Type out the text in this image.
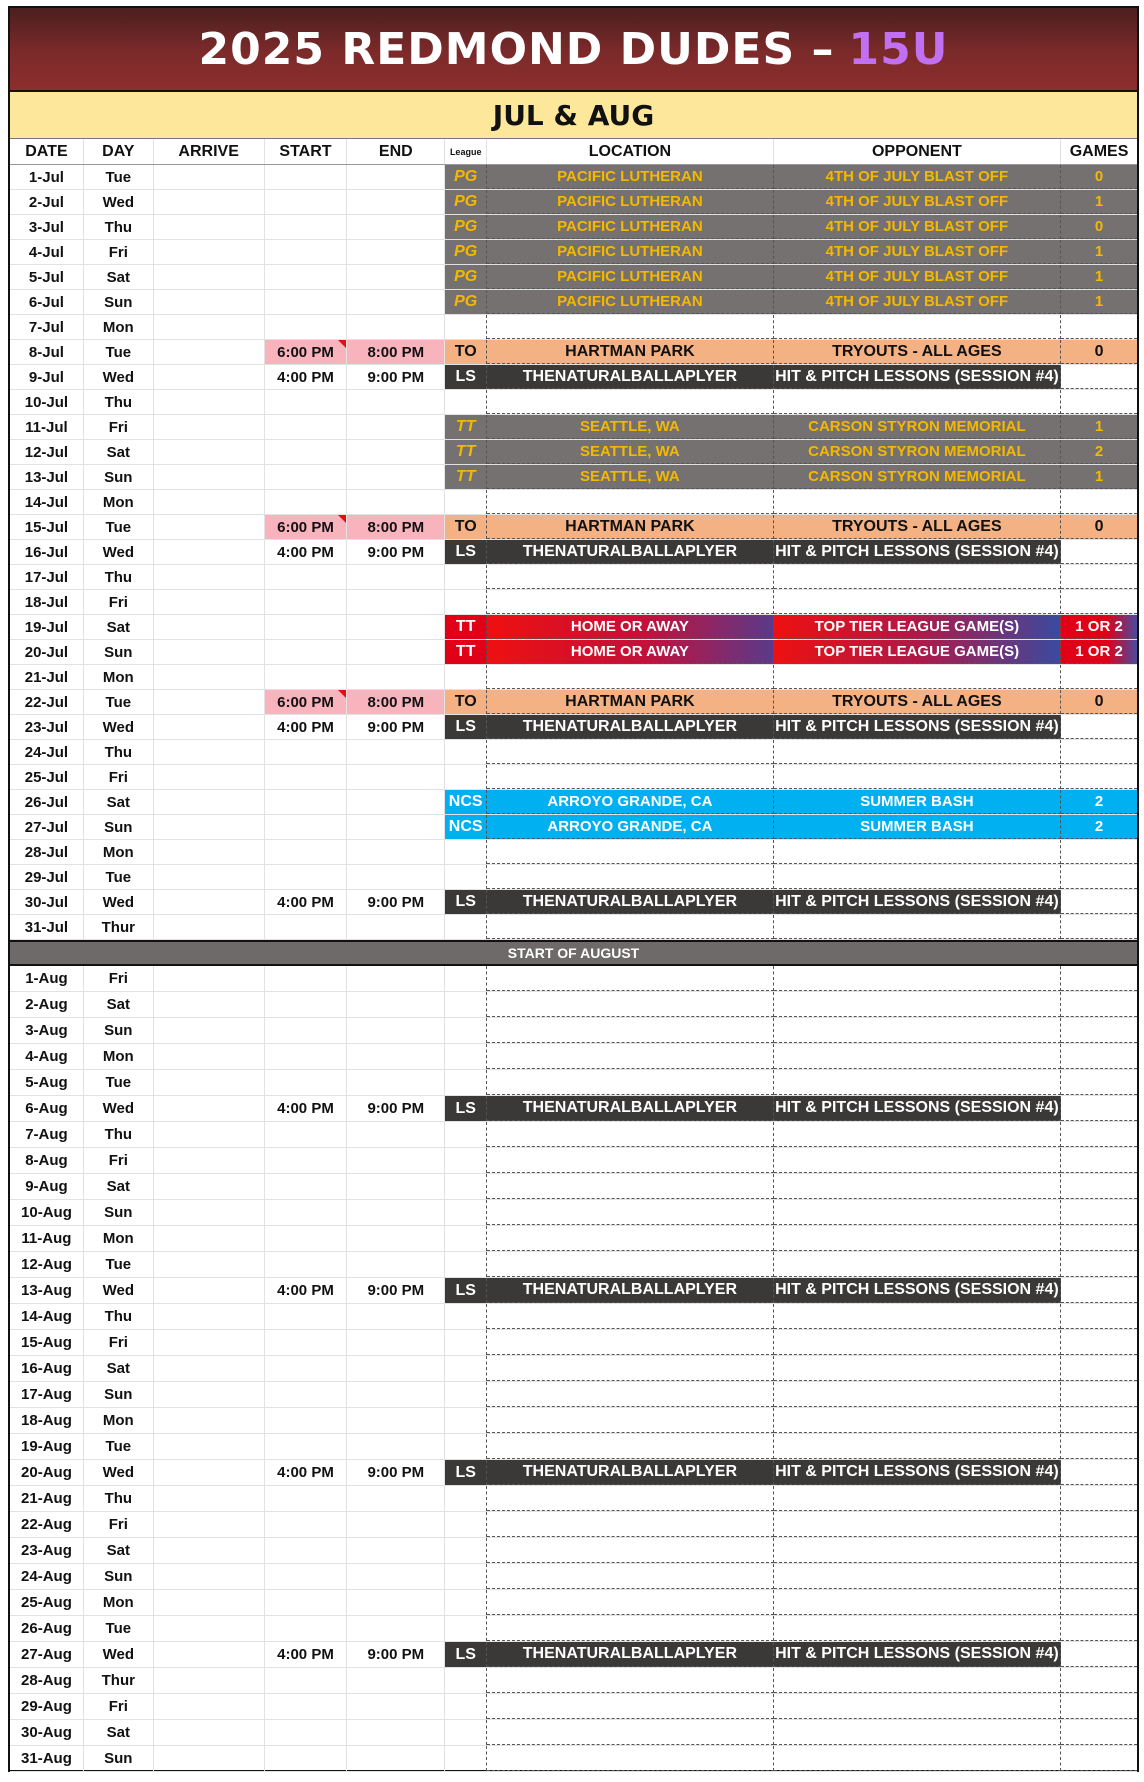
2025 REDMOND DUDES – 15U
JUL & AUG
DATE	DAY	ARRIVE	START	END	League	LOCATION	OPPONENT	GAMES
1-Jul	Tue	PG	PACIFIC LUTHERAN	4TH OF JULY BLAST OFF	0
2-Jul	Wed	PG	PACIFIC LUTHERAN	4TH OF JULY BLAST OFF	1
3-Jul	Thu	PG	PACIFIC LUTHERAN	4TH OF JULY BLAST OFF	0
4-Jul	Fri	PG	PACIFIC LUTHERAN	4TH OF JULY BLAST OFF	1
5-Jul	Sat	PG	PACIFIC LUTHERAN	4TH OF JULY BLAST OFF	1
6-Jul	Sun	PG	PACIFIC LUTHERAN	4TH OF JULY BLAST OFF	1
7-Jul	Mon
8-Jul	Tue	6:00 PM	8:00 PM	TO	HARTMAN PARK	TRYOUTS - ALL AGES	0
9-Jul	Wed	4:00 PM	9:00 PM	LS	THENATURALBALLAPLYER	HIT & PITCH LESSONS (SESSION #4)
10-Jul	Thu
11-Jul	Fri	TT	SEATTLE, WA	CARSON STYRON MEMORIAL	1
12-Jul	Sat	TT	SEATTLE, WA	CARSON STYRON MEMORIAL	2
13-Jul	Sun	TT	SEATTLE, WA	CARSON STYRON MEMORIAL	1
14-Jul	Mon
15-Jul	Tue	6:00 PM	8:00 PM	TO	HARTMAN PARK	TRYOUTS - ALL AGES	0
16-Jul	Wed	4:00 PM	9:00 PM	LS	THENATURALBALLAPLYER	HIT & PITCH LESSONS (SESSION #4)
17-Jul	Thu
18-Jul	Fri
19-Jul	Sat	TT	HOME OR AWAY	TOP TIER LEAGUE GAME(S)	1 OR 2
20-Jul	Sun	TT	HOME OR AWAY	TOP TIER LEAGUE GAME(S)	1 OR 2
21-Jul	Mon
22-Jul	Tue	6:00 PM	8:00 PM	TO	HARTMAN PARK	TRYOUTS - ALL AGES	0
23-Jul	Wed	4:00 PM	9:00 PM	LS	THENATURALBALLAPLYER	HIT & PITCH LESSONS (SESSION #4)
24-Jul	Thu
25-Jul	Fri
26-Jul	Sat	NCS	ARROYO GRANDE, CA	SUMMER BASH	2
27-Jul	Sun	NCS	ARROYO GRANDE, CA	SUMMER BASH	2
28-Jul	Mon
29-Jul	Tue
30-Jul	Wed	4:00 PM	9:00 PM	LS	THENATURALBALLAPLYER	HIT & PITCH LESSONS (SESSION #4)
31-Jul	Thur
START OF AUGUST
1-Aug	Fri
2-Aug	Sat
3-Aug	Sun
4-Aug	Mon
5-Aug	Tue
6-Aug	Wed	4:00 PM	9:00 PM	LS	THENATURALBALLAPLYER	HIT & PITCH LESSONS (SESSION #4)
7-Aug	Thu
8-Aug	Fri
9-Aug	Sat
10-Aug	Sun
11-Aug	Mon
12-Aug	Tue
13-Aug	Wed	4:00 PM	9:00 PM	LS	THENATURALBALLAPLYER	HIT & PITCH LESSONS (SESSION #4)
14-Aug	Thu
15-Aug	Fri
16-Aug	Sat
17-Aug	Sun
18-Aug	Mon
19-Aug	Tue
20-Aug	Wed	4:00 PM	9:00 PM	LS	THENATURALBALLAPLYER	HIT & PITCH LESSONS (SESSION #4)
21-Aug	Thu
22-Aug	Fri
23-Aug	Sat
24-Aug	Sun
25-Aug	Mon
26-Aug	Tue
27-Aug	Wed	4:00 PM	9:00 PM	LS	THENATURALBALLAPLYER	HIT & PITCH LESSONS (SESSION #4)
28-Aug	Thur
29-Aug	Fri
30-Aug	Sat
31-Aug	Sun
